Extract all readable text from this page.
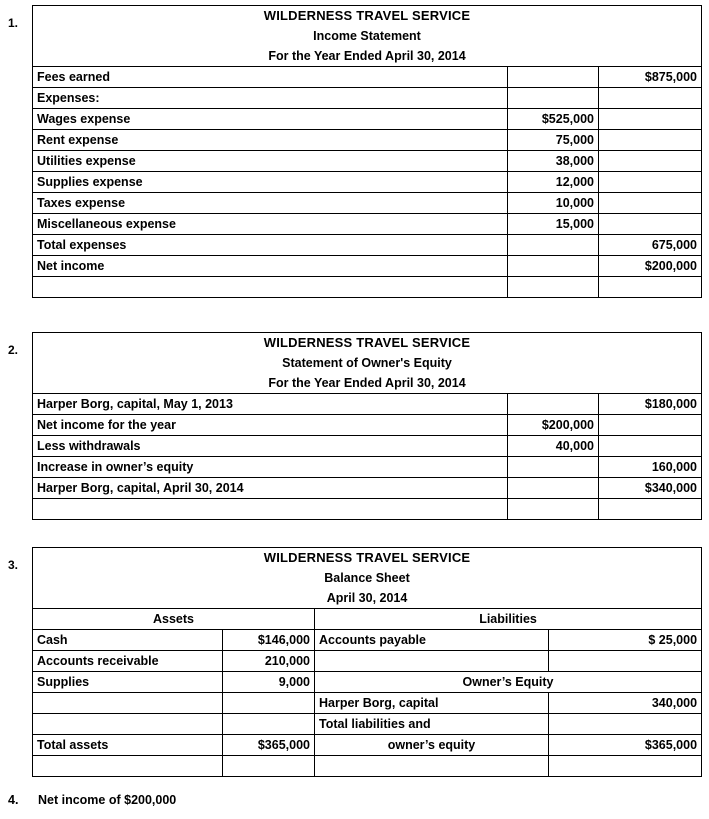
1.	WILDERNESS TRAVEL SERVICE
Income Statement
For the Year Ended April 30, 2014		

Fees earned		$875,000
Expenses:		
Wages expense	$525,000	
Rent expense	75,000	
Utilities expense	38,000	
Supplies expense	12,000	
Taxes expense	10,000	
Miscellaneous expense	15,000	
Total expenses		675,000
Net income		$200,000

2.	WILDERNESS TRAVEL SERVICE
Statement of Owner's Equity
For the Year Ended April 30, 2014		

Harper Borg, capital, May 1, 2013		$180,000
Net income for the year	$200,000	
Less withdrawals	40,000	
Increase in owner’s equity		160,000
Harper Borg, capital, April 30, 2014		$340,000

3.	WILDERNESS TRAVEL SERVICE
Balance Sheet
April 30, 2014			

Assets		Liabilities	
Cash	$146,000	Accounts payable	$ 25,000
Accounts receivable	210,000		
Supplies	9,000	Owner’s Equity	
		Harper Borg, capital	340,000
		Total liabilities and	
Total assets	$365,000	owner’s equity	$365,000

4. Net income of $200,000
